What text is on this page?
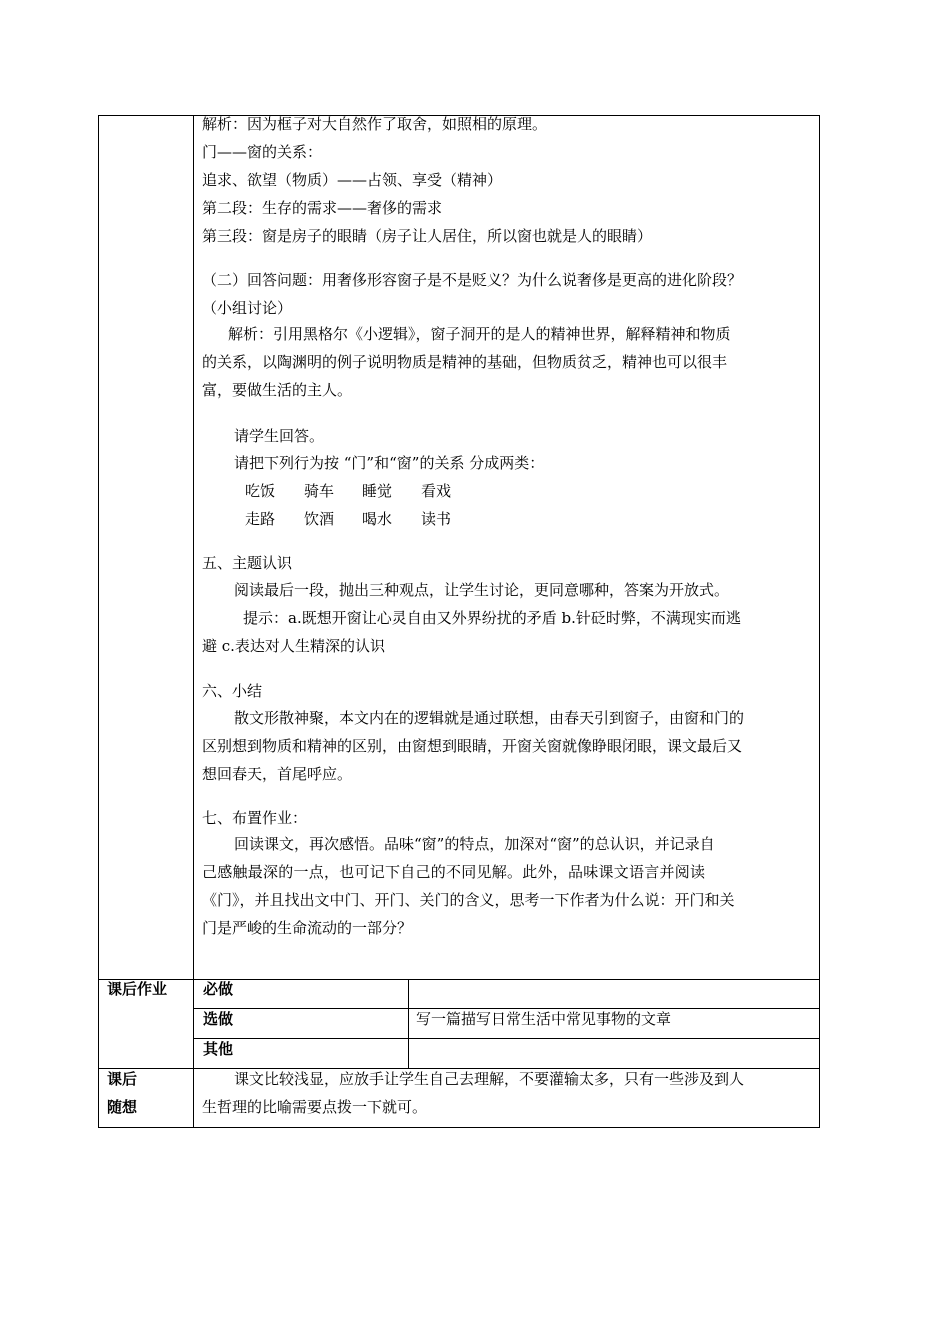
解析：因为框子对大自然作了取舍，如照相的原理。
门——窗的关系：
追求、欲望（物质）——占领、享受（精神）
第二段：生存的需求——奢侈的需求
第三段：窗是房子的眼睛（房子让人居住，所以窗也就是人的眼睛）
（二）回答问题：用奢侈形容窗子是不是贬义？为什么说奢侈是更高的进化阶段？
（小组讨论）
解析：引用黑格尔《小逻辑》，窗子洞开的是人的精神世界，解释精神和物质
的关系，以陶渊明的例子说明物质是精神的基础，但物质贫乏，精神也可以很丰
富，要做生活的主人。
请学生回答。
请把下列行为按 “门”和“窗”的关系 分成两类：
吃饭 骑车 睡觉 看戏
走路 饮酒 喝水 读书
五、主题认识
阅读最后一段，抛出三种观点，让学生讨论，更同意哪种，答案为开放式。
提示：a.既想开窗让心灵自由又外界纷扰的矛盾 b.针砭时弊，不满现实而逃
避 c.表达对人生精深的认识
六、小结
散文形散神聚，本文内在的逻辑就是通过联想，由春天引到窗子，由窗和门的
区别想到物质和精神的区别，由窗想到眼睛，开窗关窗就像睁眼闭眼，课文最后又
想回春天，首尾呼应。
七、布置作业：
回读课文，再次感悟。品味“窗”的特点，加深对“窗”的总认识，并记录自
己感触最深的一点，也可记下自己的不同见解。此外，品味课文语言并阅读
《门》，并且找出文中门、开门、关门的含义，思考一下作者为什么说：开门和关
门是严峻的生命流动的一部分？
课后作业 必做
选做	写一篇描写日常生活中常见事物的文章
其他
课后
随想
课文比较浅显，应放手让学生自己去理解，不要灌输太多，只有一些涉及到人
生哲理的比喻需要点拨一下就可。
